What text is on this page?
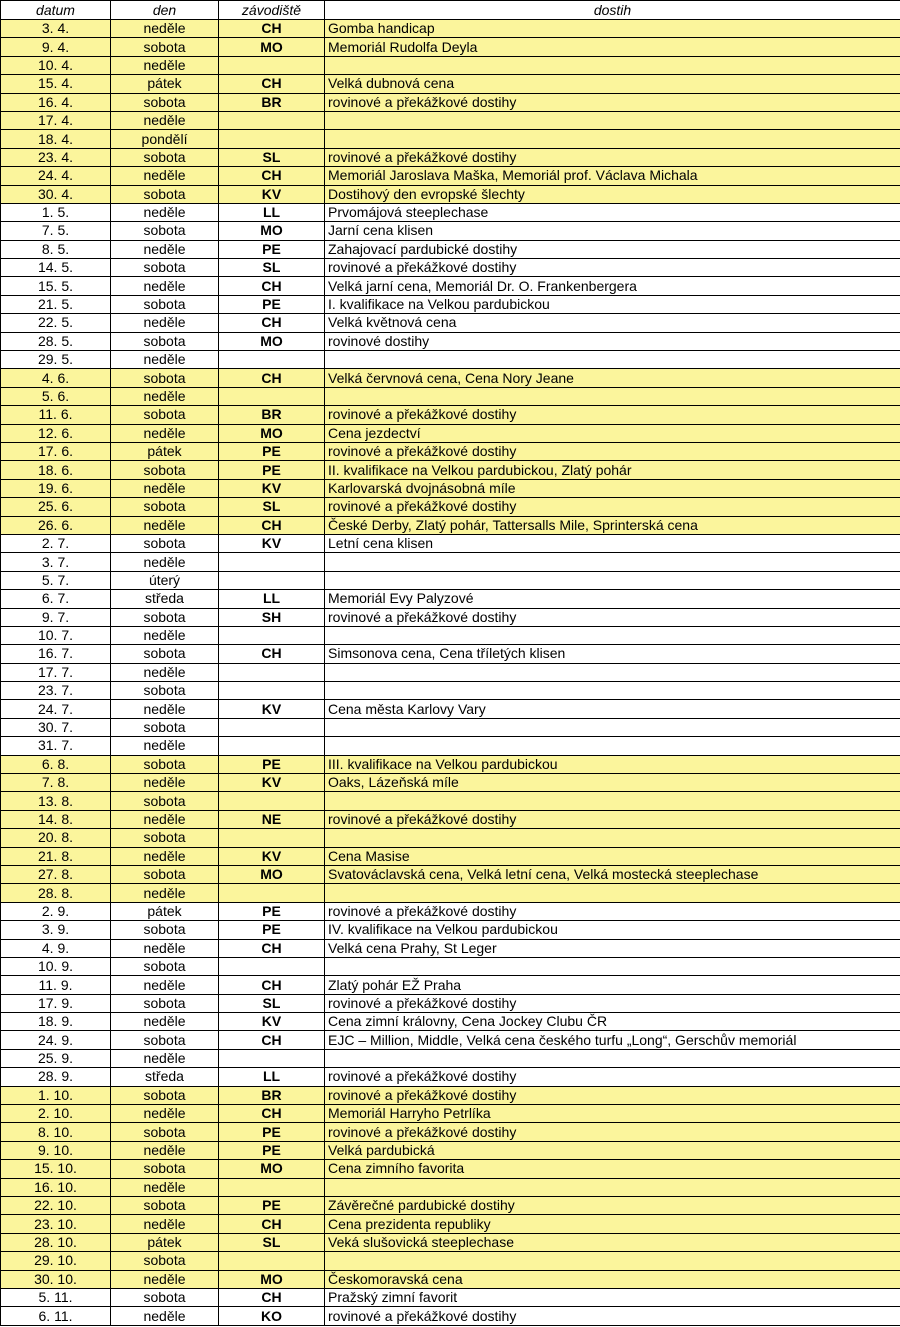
datum	den	závodiště	dostih
3. 4.	neděle	CH	Gomba handicap
9. 4.	sobota	MO	Memoriál Rudolfa Deyla
10. 4.	neděle		
15. 4.	pátek	CH	Velká dubnová cena
16. 4.	sobota	BR	rovinové a překážkové dostihy
17. 4.	neděle		
18. 4.	pondělí		
23. 4.	sobota	SL	rovinové a překážkové dostihy
24. 4.	neděle	CH	Memoriál Jaroslava Maška, Memoriál prof. Václava Michala
30. 4.	sobota	KV	Dostihový den evropské šlechty
1. 5.	neděle	LL	Prvomájová steeplechase
7. 5.	sobota	MO	Jarní cena klisen
8. 5.	neděle	PE	Zahajovací pardubické dostihy
14. 5.	sobota	SL	rovinové a překážkové dostihy
15. 5.	neděle	CH	Velká jarní cena, Memoriál Dr. O. Frankenbergera
21. 5.	sobota	PE	I. kvalifikace na Velkou pardubickou
22. 5.	neděle	CH	Velká květnová cena
28. 5.	sobota	MO	rovinové dostihy
29. 5.	neděle		
4. 6.	sobota	CH	Velká červnová cena, Cena Nory Jeane
5. 6.	neděle		
11. 6.	sobota	BR	rovinové a překážkové dostihy
12. 6.	neděle	MO	Cena jezdectví
17. 6.	pátek	PE	rovinové a překážkové dostihy
18. 6.	sobota	PE	II. kvalifikace na Velkou pardubickou, Zlatý pohár
19. 6.	neděle	KV	Karlovarská dvojnásobná míle
25. 6.	sobota	SL	rovinové a překážkové dostihy
26. 6.	neděle	CH	České Derby, Zlatý pohár, Tattersalls Mile, Sprinterská cena
2. 7.	sobota	KV	Letní cena klisen
3. 7.	neděle		
5. 7.	úterý		
6. 7.	středa	LL	Memoriál Evy Palyzové
9. 7.	sobota	SH	rovinové a překážkové dostihy
10. 7.	neděle		
16. 7.	sobota	CH	Simsonova cena, Cena tříletých klisen
17. 7.	neděle		
23. 7.	sobota		
24. 7.	neděle	KV	Cena města Karlovy Vary
30. 7.	sobota		
31. 7.	neděle		
6. 8.	sobota	PE	III. kvalifikace na Velkou pardubickou
7. 8.	neděle	KV	Oaks, Lázeňská míle
13. 8.	sobota		
14. 8.	neděle	NE	rovinové a překážkové dostihy
20. 8.	sobota		
21. 8.	neděle	KV	Cena Masise
27. 8.	sobota	MO	Svatováclavská cena, Velká letní cena, Velká mostecká steeplechase
28. 8.	neděle		
2. 9.	pátek	PE	rovinové a překážkové dostihy
3. 9.	sobota	PE	IV. kvalifikace na Velkou pardubickou
4. 9.	neděle	CH	Velká cena Prahy, St Leger
10. 9.	sobota		
11. 9.	neděle	CH	Zlatý pohár EŽ Praha
17. 9.	sobota	SL	rovinové a překážkové dostihy
18. 9.	neděle	KV	Cena zimní královny, Cena Jockey Clubu ČR
24. 9.	sobota	CH	EJC – Million, Middle, Velká cena českého turfu „Long“, Gerschův memoriál
25. 9.	neděle		
28. 9.	středa	LL	rovinové a překážkové dostihy
1. 10.	sobota	BR	rovinové a překážkové dostihy
2. 10.	neděle	CH	Memoriál Harryho Petrlíka
8. 10.	sobota	PE	rovinové a překážkové dostihy
9. 10.	neděle	PE	Velká pardubická
15. 10.	sobota	MO	Cena zimního favorita
16. 10.	neděle		
22. 10.	sobota	PE	Závěrečné pardubické dostihy
23. 10.	neděle	CH	Cena prezidenta republiky
28. 10.	pátek	SL	Veká slušovická steeplechase
29. 10.	sobota		
30. 10.	neděle	MO	Českomoravská cena
5. 11.	sobota	CH	Pražský zimní favorit
6. 11.	neděle	KO	rovinové a překážkové dostihy
